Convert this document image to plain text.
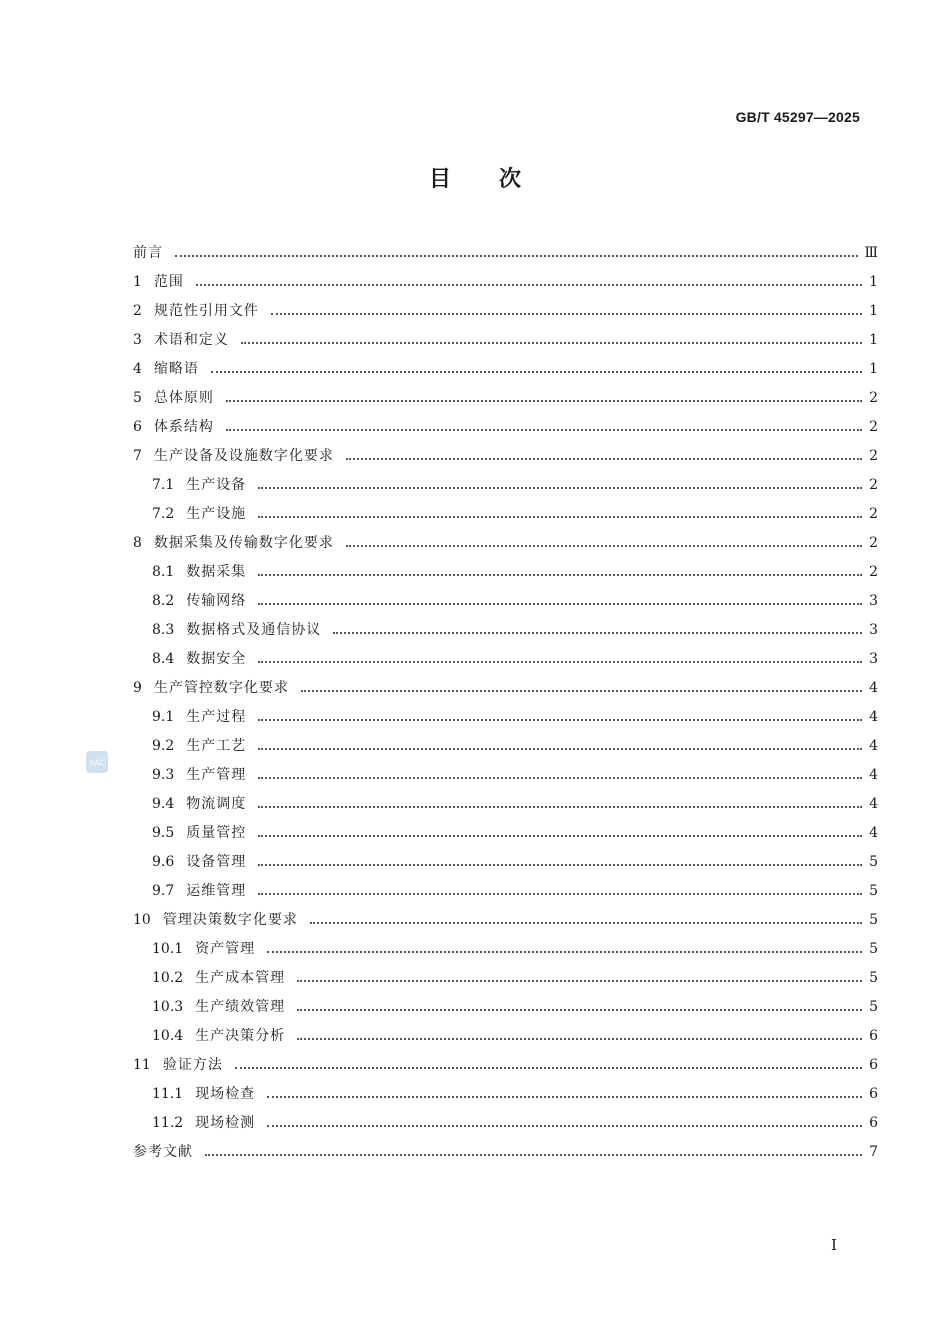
GB/T 45297—2025
目 次
前言	Ⅲ
1 范围	1
2 规范性引用文件	1
3 术语和定义	1
4 缩略语	1
5 总体原则	2
6 体系结构	2
7 生产设备及设施数字化要求	2
7.1 生产设备	2
7.2 生产设施	2
8 数据采集及传输数字化要求	2
8.1 数据采集	2
8.2 传输网络	3
8.3 数据格式及通信协议	3
8.4 数据安全	3
9 生产管控数字化要求	4
9.1 生产过程	4
9.2 生产工艺	4
9.3 生产管理	4
9.4 物流调度	4
9.5 质量管控	4
9.6 设备管理	5
9.7 运维管理	5
10 管理决策数字化要求	5
10.1 资产管理	5
10.2 生产成本管理	5
10.3 生产绩效管理	5
10.4 生产决策分析	6
11 验证方法	6
11.1 现场检查	6
11.2 现场检测	6
参考文献	7
SAC
Ⅰ
